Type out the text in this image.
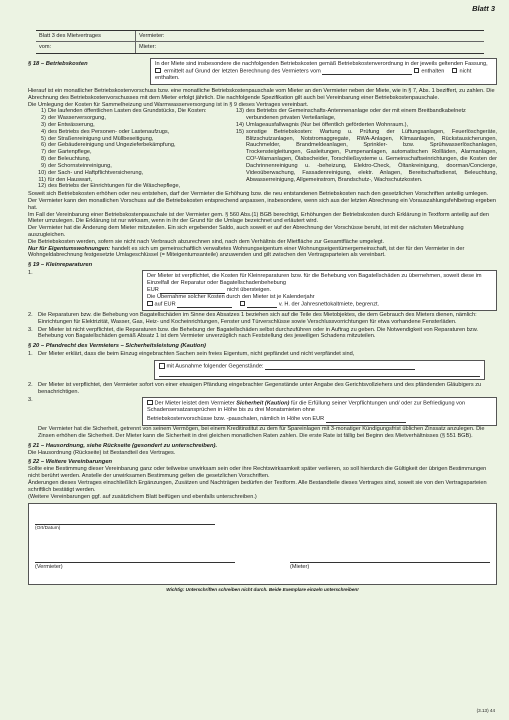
Blatt 3
Blatt 3 des Mietvertrages	Vermieter:
vom:	Mieter:
§ 18 – Betriebskosten	In der Miete sind insbesondere die nachfolgenden Betriebskosten gemäß Betriebskostenverordnung in der jeweils geltenden Fassung,  ermittelt auf Grund der letzten Berechnung des Vermieters vom	enthalten	nicht enthalten.

Hierauf ist ein monatlicher Betriebskostenvorschuss bzw. eine monatliche Betriebskostenpauschale vom Mieter an den Vermieter neben der Miete, wie in § 7, Abs. 1 beziffert, zu zahlen. Die Abrechnung des Betriebskostenvorschusses mit dem Mieter erfolgt jährlich. Die nachfolgende Spezifikation gilt auch bei Vereinbarung einer Betriebskostenpauschale.

Die Umlegung der Kosten für Sammelheizung und Warmwasserversorgung ist in § 9 dieses Vertrages vereinbart.

1) Die laufenden öffentlichen Lasten des Grundstücks, Die Kosten:
2) der Wasserversorgung,
3) der Entwässerung,
4) des Betriebs des Personen- oder Lastenaufzugs,
5) der Straßenreinigung und Müllbeseitigung,
6) der Gebäudereinigung und Ungezieferbekämpfung,
7) der Gartenpflege,
8) der Beleuchtung,
9) der Schornsteinreinigung,
10) der Sach- und Haftpflichtversicherung,
11) für den Hauswart,
12) des Betriebs der Einrichtungen für die Wäschepflege,
13) des Betriebs der Gemeinschafts-Antennenanlage oder der mit einem Breitbandkabelnetz verbundenen privaten Verteilanlage,
14) Umlageausfallwagnis (Nur bei öffentlich geförderten Wohnraum.),
15) sonstige Betriebskosten: Wartung u. Prüfung der Lüftungsanlagen, Feuerlöschgeräte, Blitzschutzanlagen, Notstromaggregate, RWA-Anlagen, Klimaanlagen, Rückstausicherungen, Rauchmelder, Brandmeldeanlagen, Sprinkler- bzw. Sprühwasserlöschanlagen, Trockensteigleitungen, Gasleitungen, Pumpenanlagen, automatischen Rollläden, Alarmanlagen, CO²-Warnanlagen, Ölabscheider, Torschließsysteme u. Gemeinschaftseinrichtungen, die Kosten der Dachrinnenreinigung u. -beheizung, Elektro-Check, Öltankreinigung, doorman/Concierge, Videoüberwachung, Fassadenreinigung, elektr. Anlagen, Bereitschaftsdienst, Beleuchtung, Abwasserreinigung, Allgemeinstrom, Brandschutz-, Wachschutzkosten.

Soweit sich Betriebskosten erhöhen oder neu entstehen, darf der Vermieter die Erhöhung bzw. die neu entstandenen Betriebskosten nach den gesetzlichen Vorschriften anteilig umlegen. Der Vermieter kann den monatlichen Vorschuss auf die Betriebskosten entsprechend anpassen, insbesondere, wenn sich aus der letzten Abrechnung ein Vorauszahlungsfehlbetrag ergeben hat.

Im Fall der Vereinbarung einer Betriebskostenpauschale ist der Vermieter gem. § 560 Abs.(1) BGB berechtigt, Erhöhungen der Betriebskosten durch Erklärung in Textform anteilig auf den Mieter umzulegen. Die Erklärung ist nur wirksam, wenn in ihr der Grund für die Umlage bezeichnet und erläutert wird.

Der Vermieter hat die Änderung dem Mieter mitzuteilen. Ein sich ergebender Saldo, auch soweit er auf der Abrechnung der Vorschüsse beruht, ist mit der nächsten Mietzahlung auszugleichen.

Die Betriebskosten werden, sofern sie nicht nach Verbrauch abzurechnen sind, nach dem Verhältnis der Mietfläche zur Gesamtfläche umgelegt.

Nur für Eigentumswohnungen: handelt es sich um gemeinschaftlich verwaltetes Wohnungseigentum einer Wohnungseigentümergemeinschaft, ist der für den Vermieter in der Wohngeldabrechnung festgesetzte Umlageschlüssel (= Miteigentumsanteile) anzuwenden und gilt zwischen den Vertragsparteien als vereinbart.

§ 19 – Kleinreparaturen
1.	Der Mieter ist verpflichtet, die Kosten für Kleinreparaturen bzw. für die Behebung von Bagatellschäden zu übernehmen, soweit diese im Einzelfall der Reparatur oder Bagatellschadenbehebung

EUR	nicht übersteigen.

Die Übernahme solcher Kosten durch den Mieter ist je Kalenderjahr

auf EUR	v. H. der Jahresnettokaltmiete, begrenzt.

2. Die Reparaturen bzw. die Behebung von Bagatellschäden im Sinne des Absatzes 1 beziehen sich auf die Teile des Mietobjektes, die dem Gebrauch des Mieters dienen, nämlich: Einrichtungen für Elektrizität, Wasser, Gas, Heiz- und Kocheinrichtungen, Fenster und Türverschlüsse sowie Verschlussvorrichtungen für etwa vorhandene Fensterläden.

3. Der Mieter ist nicht verpflichtet, die Reparaturen bzw. die Behebung der Bagatellschäden selbst durchzuführen oder in Auftrag zu geben. Die Notwendigkeit von Reparaturen bzw. Behebung von Bagatellschäden gemäß Absatz 1 ist dem Vermieter unverzüglich nach Feststellung des jeweiligen Schadens mitzuteilen.

§ 20 – Pfandrecht des Vermieters – Sicherheitsleistung (Kaution)
1. Der Mieter erklärt, dass die beim Einzug eingebrachten Sachen sein freies Eigentum, nicht gepfändet und nicht verpfändet sind,

mit Ausnahme folgender Gegenstände:
2. Der Mieter ist verpflichtet, den Vermieter sofort von einer etwaigen Pfändung eingebrachter Gegenstände unter Angabe des Gerichtsvollziehers und des pfändenden Gläubigers zu benachrichtigen.

3.

Der Mieter leistet dem Vermieter Sicherheit (Kaution) für die Erfüllung seiner Verpflichtungen und/ oder zur Befriedigung von Schadensersatzansprüchen in Höhe bis zu drei Monatsmieten ohne

Betriebskostenvorschüsse bzw. -pauschalen, nämlich in Höhe von EUR

Der Vermieter hat die Sicherheit, getrennt von seinem Vermögen, bei einem Kreditinstitut zu dem für Spareinlagen mit 3-monatiger Kündigungsfrist üblichen Zinssatz anzulegen. Die Zinsen erhöhen die Sicherheit. Der Mieter kann die Sicherheit in drei gleichen monatlichen Raten zahlen. Die erste Rate ist fällig bei Beginn des Mietverhältnisses (§ 551 BGB).

§ 21 – Hausordnung, siehe Rückseite (gesondert zu unterschreiben).

Die Hausordnung (Rückseite) ist Bestandteil des Vertrages.

§ 22 – Weitere Vereinbarungen

Sollte eine Bestimmung dieser Vereinbarung ganz oder teilweise unwirksam sein oder ihre Rechtswirksamkeit später verlieren, so soll hierdurch die Gültigkeit der übrigen Bestimmungen nicht berührt werden. Anstelle der unwirksamen Bestimmung gelten die gesetzlichen Vorschriften.

Änderungen dieses Vertrages einschließlich Ergänzungen, Zusätzen und Nachträgen bedürfen der Textform. Alle Bestandteile dieses Vertrages sind, soweit sie von den Vertragsparteien schriftlich bestätigt werden.

(Weitere Vereinbarungen ggf. auf zusätzlichem Blatt beifügen und ebenfalls unterschreiben.)

(Ort/Datum)
(Vermieter)	(Mieter)
Wichtig: Unterschriften schreiben nicht durch. Beide Exemplare einzeln unterschreiben!
(3.13) 44
